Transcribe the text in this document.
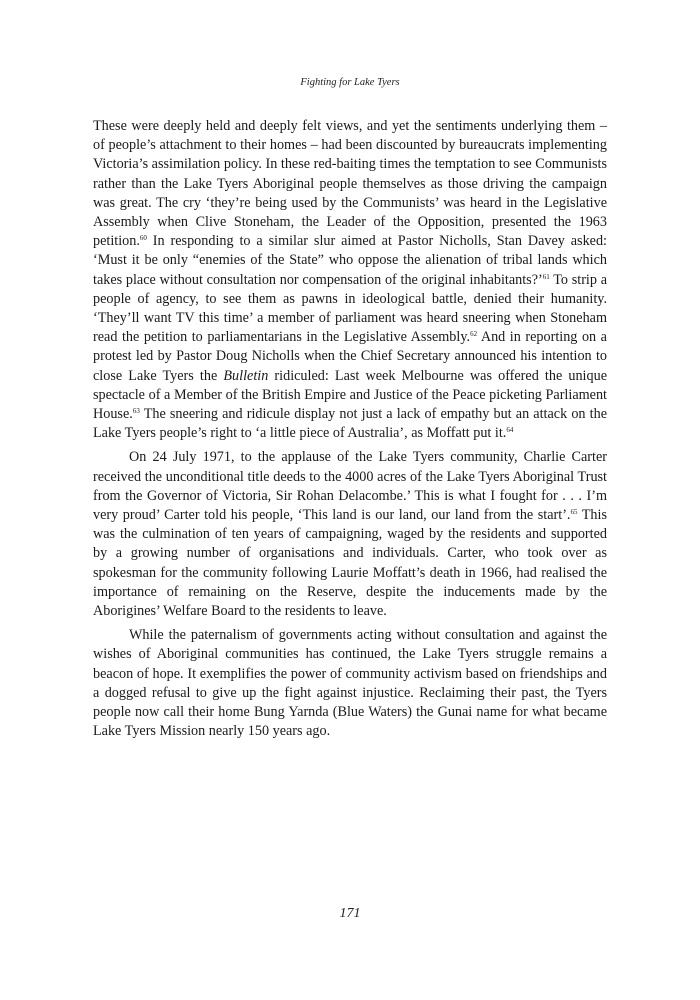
Fighting for Lake Tyers

These were deeply held and deeply felt views, and yet the sentiments underlying them – of people’s attachment to their homes – had been discounted by bureaucrats implementing Victoria’s assimilation policy. In these red-baiting times the temptation to see Communists rather than the Lake Tyers Aboriginal people themselves as those driving the campaign was great. The cry ‘they’re being used by the Communists’ was heard in the Legislative Assembly when Clive Stoneham, the Leader of the Opposition, presented the 1963 petition.$^{60}$ In responding to a similar slur aimed at Pastor Nicholls, Stan Davey asked: ‘Must it be only “enemies of the State” who oppose the alienation of tribal lands which takes place without consultation nor compensation of the original inhabitants?’$^{61}$ To strip a people of agency, to see them as pawns in ideological battle, denied their humanity. ‘They’ll want TV this time’ a member of parliament was heard sneering when Stoneham read the petition to parliamentarians in the Legislative Assembly.$^{62}$ And in reporting on a protest led by Pastor Doug Nicholls when the Chief Secretary announced his intention to close Lake Tyers the Bulletin ridiculed: Last week Melbourne was offered the unique spectacle of a Member of the British Empire and Justice of the Peace picketing Parliament House.$^{63}$ The sneering and ridicule display not just a lack of empathy but an attack on the Lake Tyers people’s right to ‘a little piece of Australia’, as Moffatt put it.$^{64}$

On 24 July 1971, to the applause of the Lake Tyers community, Charlie Carter received the unconditional title deeds to the 4000 acres of the Lake Tyers Aboriginal Trust from the Governor of Victoria, Sir Rohan Delacombe.’ This is what I fought for . . . I’m very proud’ Carter told his people, ‘This land is our land, our land from the start’.$^{65}$ This was the culmination of ten years of campaigning, waged by the residents and supported by a growing number of organisations and individuals. Carter, who took over as spokesman for the community following Laurie Moffatt’s death in 1966, had realised the importance of remaining on the Reserve, despite the inducements made by the Aborigines’ Welfare Board to the residents to leave.

While the paternalism of governments acting without consultation and against the wishes of Aboriginal communities has continued, the Lake Tyers struggle remains a beacon of hope. It exemplifies the power of community activism based on friendships and a dogged refusal to give up the fight against injustice. Reclaiming their past, the Tyers people now call their home Bung Yarnda (Blue Waters) the Gunai name for what became Lake Tyers Mission nearly 150 years ago.

171
